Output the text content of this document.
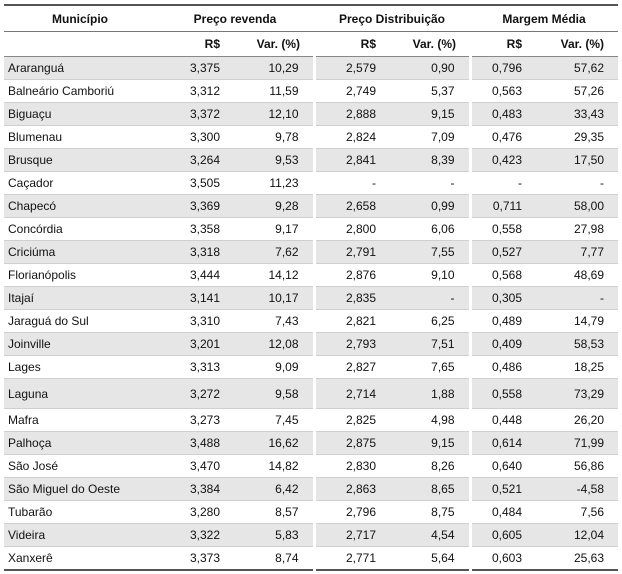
Município	Preço revenda		Preço Distribuição		Margem Média	
	R$	Var. (%)	R$	Var. (%)	R$	Var. (%)
Araranguá	3,375	10,29	2,579	0,90	0,796	57,62
Balneário Camboriú	3,312	11,59	2,749	5,37	0,563	57,26
Biguaçu	3,372	12,10	2,888	9,15	0,483	33,43
Blumenau	3,300	9,78	2,824	7,09	0,476	29,35
Brusque	3,264	9,53	2,841	8,39	0,423	17,50
Caçador	3,505	11,23	-	-	-	-
Chapecó	3,369	9,28	2,658	0,99	0,711	58,00
Concórdia	3,358	9,17	2,800	6,06	0,558	27,98
Criciúma	3,318	7,62	2,791	7,55	0,527	7,77
Florianópolis	3,444	14,12	2,876	9,10	0,568	48,69
Itajaí	3,141	10,17	2,835	-	0,305	-
Jaraguá do Sul	3,310	7,43	2,821	6,25	0,489	14,79
Joinville	3,201	12,08	2,793	7,51	0,409	58,53
Lages	3,313	9,09	2,827	7,65	0,486	18,25
Laguna	3,272	9,58	2,714	1,88	0,558	73,29
Mafra	3,273	7,45	2,825	4,98	0,448	26,20
Palhoça	3,488	16,62	2,875	9,15	0,614	71,99
São José	3,470	14,82	2,830	8,26	0,640	56,86
São Miguel do Oeste	3,384	6,42	2,863	8,65	0,521	-4,58
Tubarão	3,280	8,57	2,796	8,75	0,484	7,56
Videira	3,322	5,83	2,717	4,54	0,605	12,04
Xanxerê	3,373	8,74	2,771	5,64	0,603	25,63
